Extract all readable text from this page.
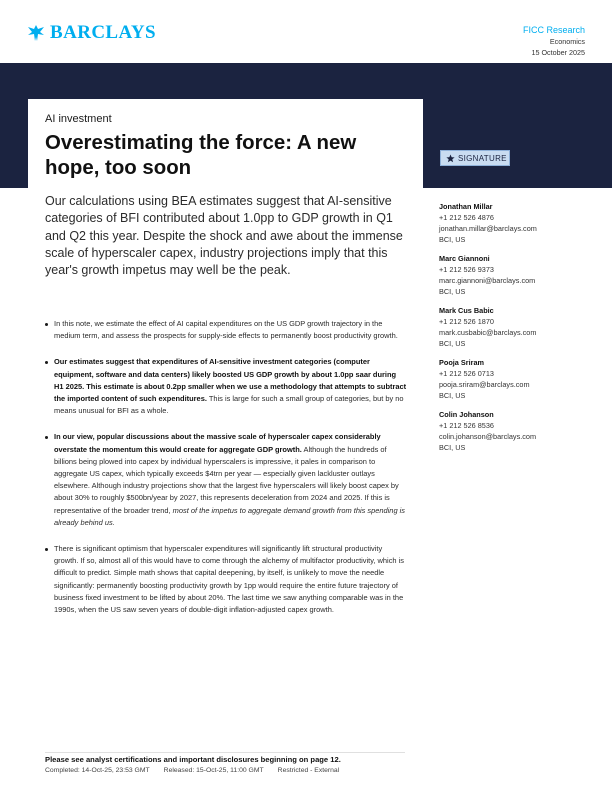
BARCLAYS	FICC Research
Economics
15 October 2025
AI investment
Overestimating the force: A new hope, too soon	SIGNATURE
Our calculations using BEA estimates suggest that AI-sensitive categories of BFI contributed about 1.0pp to GDP growth in Q1 and Q2 this year. Despite the shock and awe about the immense scale of hyperscaler capex, industry projections imply that this year's growth impetus may well be the peak.
In this note, we estimate the effect of AI capital expenditures on the US GDP growth trajectory in the medium term, and assess the prospects for supply-side effects to permanently boost productivity growth.
Our estimates suggest that expenditures of AI-sensitive investment categories (computer equipment, software and data centers) likely boosted US GDP growth by about 1.0pp saar during H1 2025. This estimate is about 0.2pp smaller when we use a methodology that attempts to subtract the imported content of such expenditures. This is large for such a small group of categories, but by no means unusual for BFI as a whole.
In our view, popular discussions about the massive scale of hyperscaler capex considerably overstate the momentum this would create for aggregate GDP growth. Although the hundreds of billions being plowed into capex by individual hyperscalers is impressive, it pales in comparison to aggregate US capex, which typically exceeds $4trn per year — especially given lackluster outlays elsewhere. Although industry projections show that the largest five hyperscalers will likely boost capex by about 30% to roughly $500bn/year by 2027, this represents deceleration from 2024 and 2025. If this is representative of the broader trend, most of the impetus to aggregate demand growth from this spending is already behind us.
There is significant optimism that hyperscaler expenditures will significantly lift structural productivity growth. If so, almost all of this would have to come through the alchemy of multifactor productivity, which is difficult to predict. Simple math shows that capital deepening, by itself, is unlikely to move the needle significantly: permanently boosting productivity growth by 1pp would require the entire future trajectory of business fixed investment to be lifted by about 20%. The last time we saw anything comparable was in the 1990s, when the US saw seven years of double-digit inflation-adjusted capex growth.
Jonathan Millar
+1 212 526 4876
jonathan.millar@barclays.com
BCI, US
Marc Giannoni
+1 212 526 9373
marc.giannoni@barclays.com
BCI, US
Mark Cus Babic
+1 212 526 1870
mark.cusbabic@barclays.com
BCI, US
Pooja Sriram
+1 212 526 0713
pooja.sriram@barclays.com
BCI, US
Colin Johanson
+1 212 526 8536
colin.johanson@barclays.com
BCI, US
Please see analyst certifications and important disclosures beginning on page 12.
Completed: 14-Oct-25, 23:53 GMT Released: 15-Oct-25, 11:00 GMT Restricted - External
